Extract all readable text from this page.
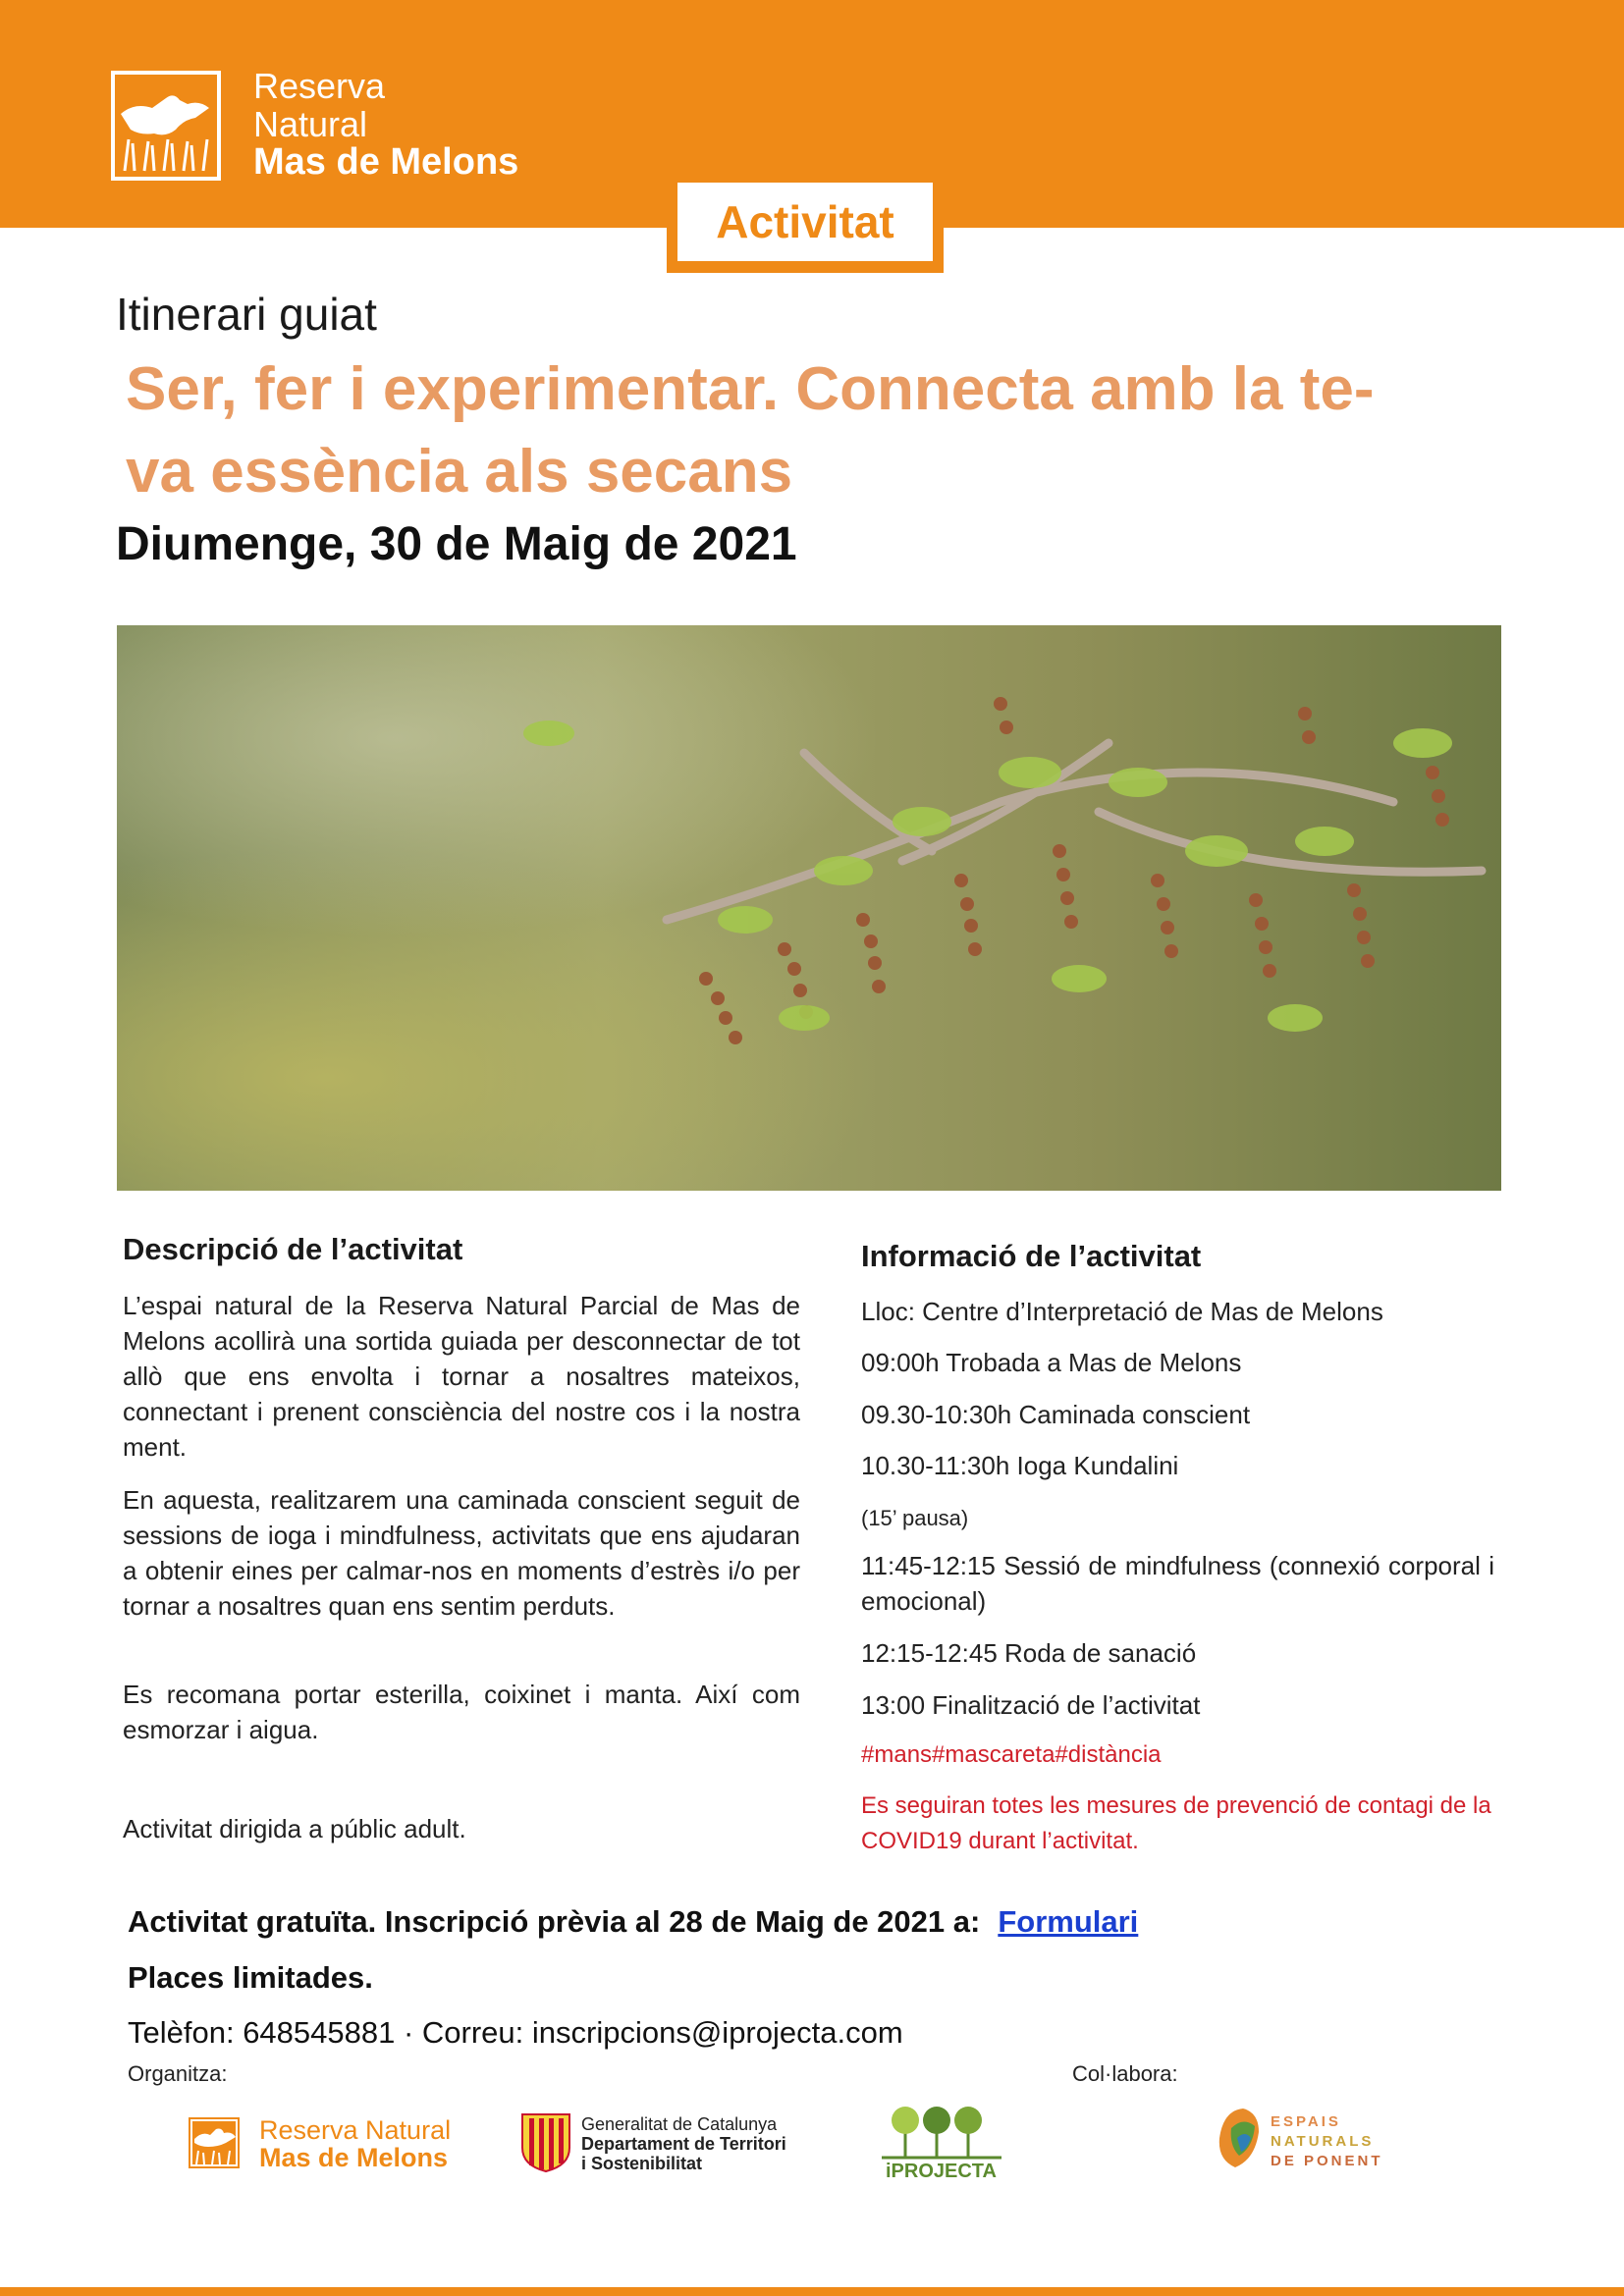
Reserva
Natural
Mas de Melons
Activitat
Itinerari guiat
Ser, fer i experimentar. Connecta amb la te-
va essència als secans
Diumenge, 30 de Maig de 2021
Descripció de l’activitat

L’espai natural de la Reserva Natural Parcial de Mas de Melons acollirà una sortida guiada per desconnectar de tot allò que ens envolta i tornar a nosaltres mateixos, connectant i prenent consciència del nostre cos i la nostra ment.

En aquesta, realitzarem una caminada conscient seguit de sessions de ioga i mindfulness, activitats que ens ajudaran a obtenir eines per calmar-nos en moments d’estrès i/o per tornar a nosaltres quan ens sentim perduts.

Es recomana portar esterilla, coixinet i manta. Així com esmorzar i aigua.

Activitat dirigida a públic adult.
Informació de l’activitat

Lloc: Centre d’Interpretació de Mas de Melons

09:00h Trobada a Mas de Melons

09.30-10:30h Caminada conscient

10.30-11:30h Ioga Kundalini

(15’ pausa)

11:45-12:15 Sessió de mindfulness (connexió corporal i emocional)

12:15-12:45 Roda de sanació

13:00 Finalització de l’activitat

#mans#mascareta#distància

Es seguiran totes les mesures de prevenció de contagi de la COVID19 durant l’activitat.

Activitat gratuïta. Inscripció prèvia al 28 de Maig de 2021 a: Formulari
Places limitades.
Telèfon: 648545881 · Correu: inscripcions@iprojecta.com
Organitza:	Col·labora:
Reserva Natural
Mas de Melons
Generalitat de Catalunya
Departament de Territori
i Sostenibilitat	iPROJECTA
ESPAIS
NATURALS
DE PONENT
